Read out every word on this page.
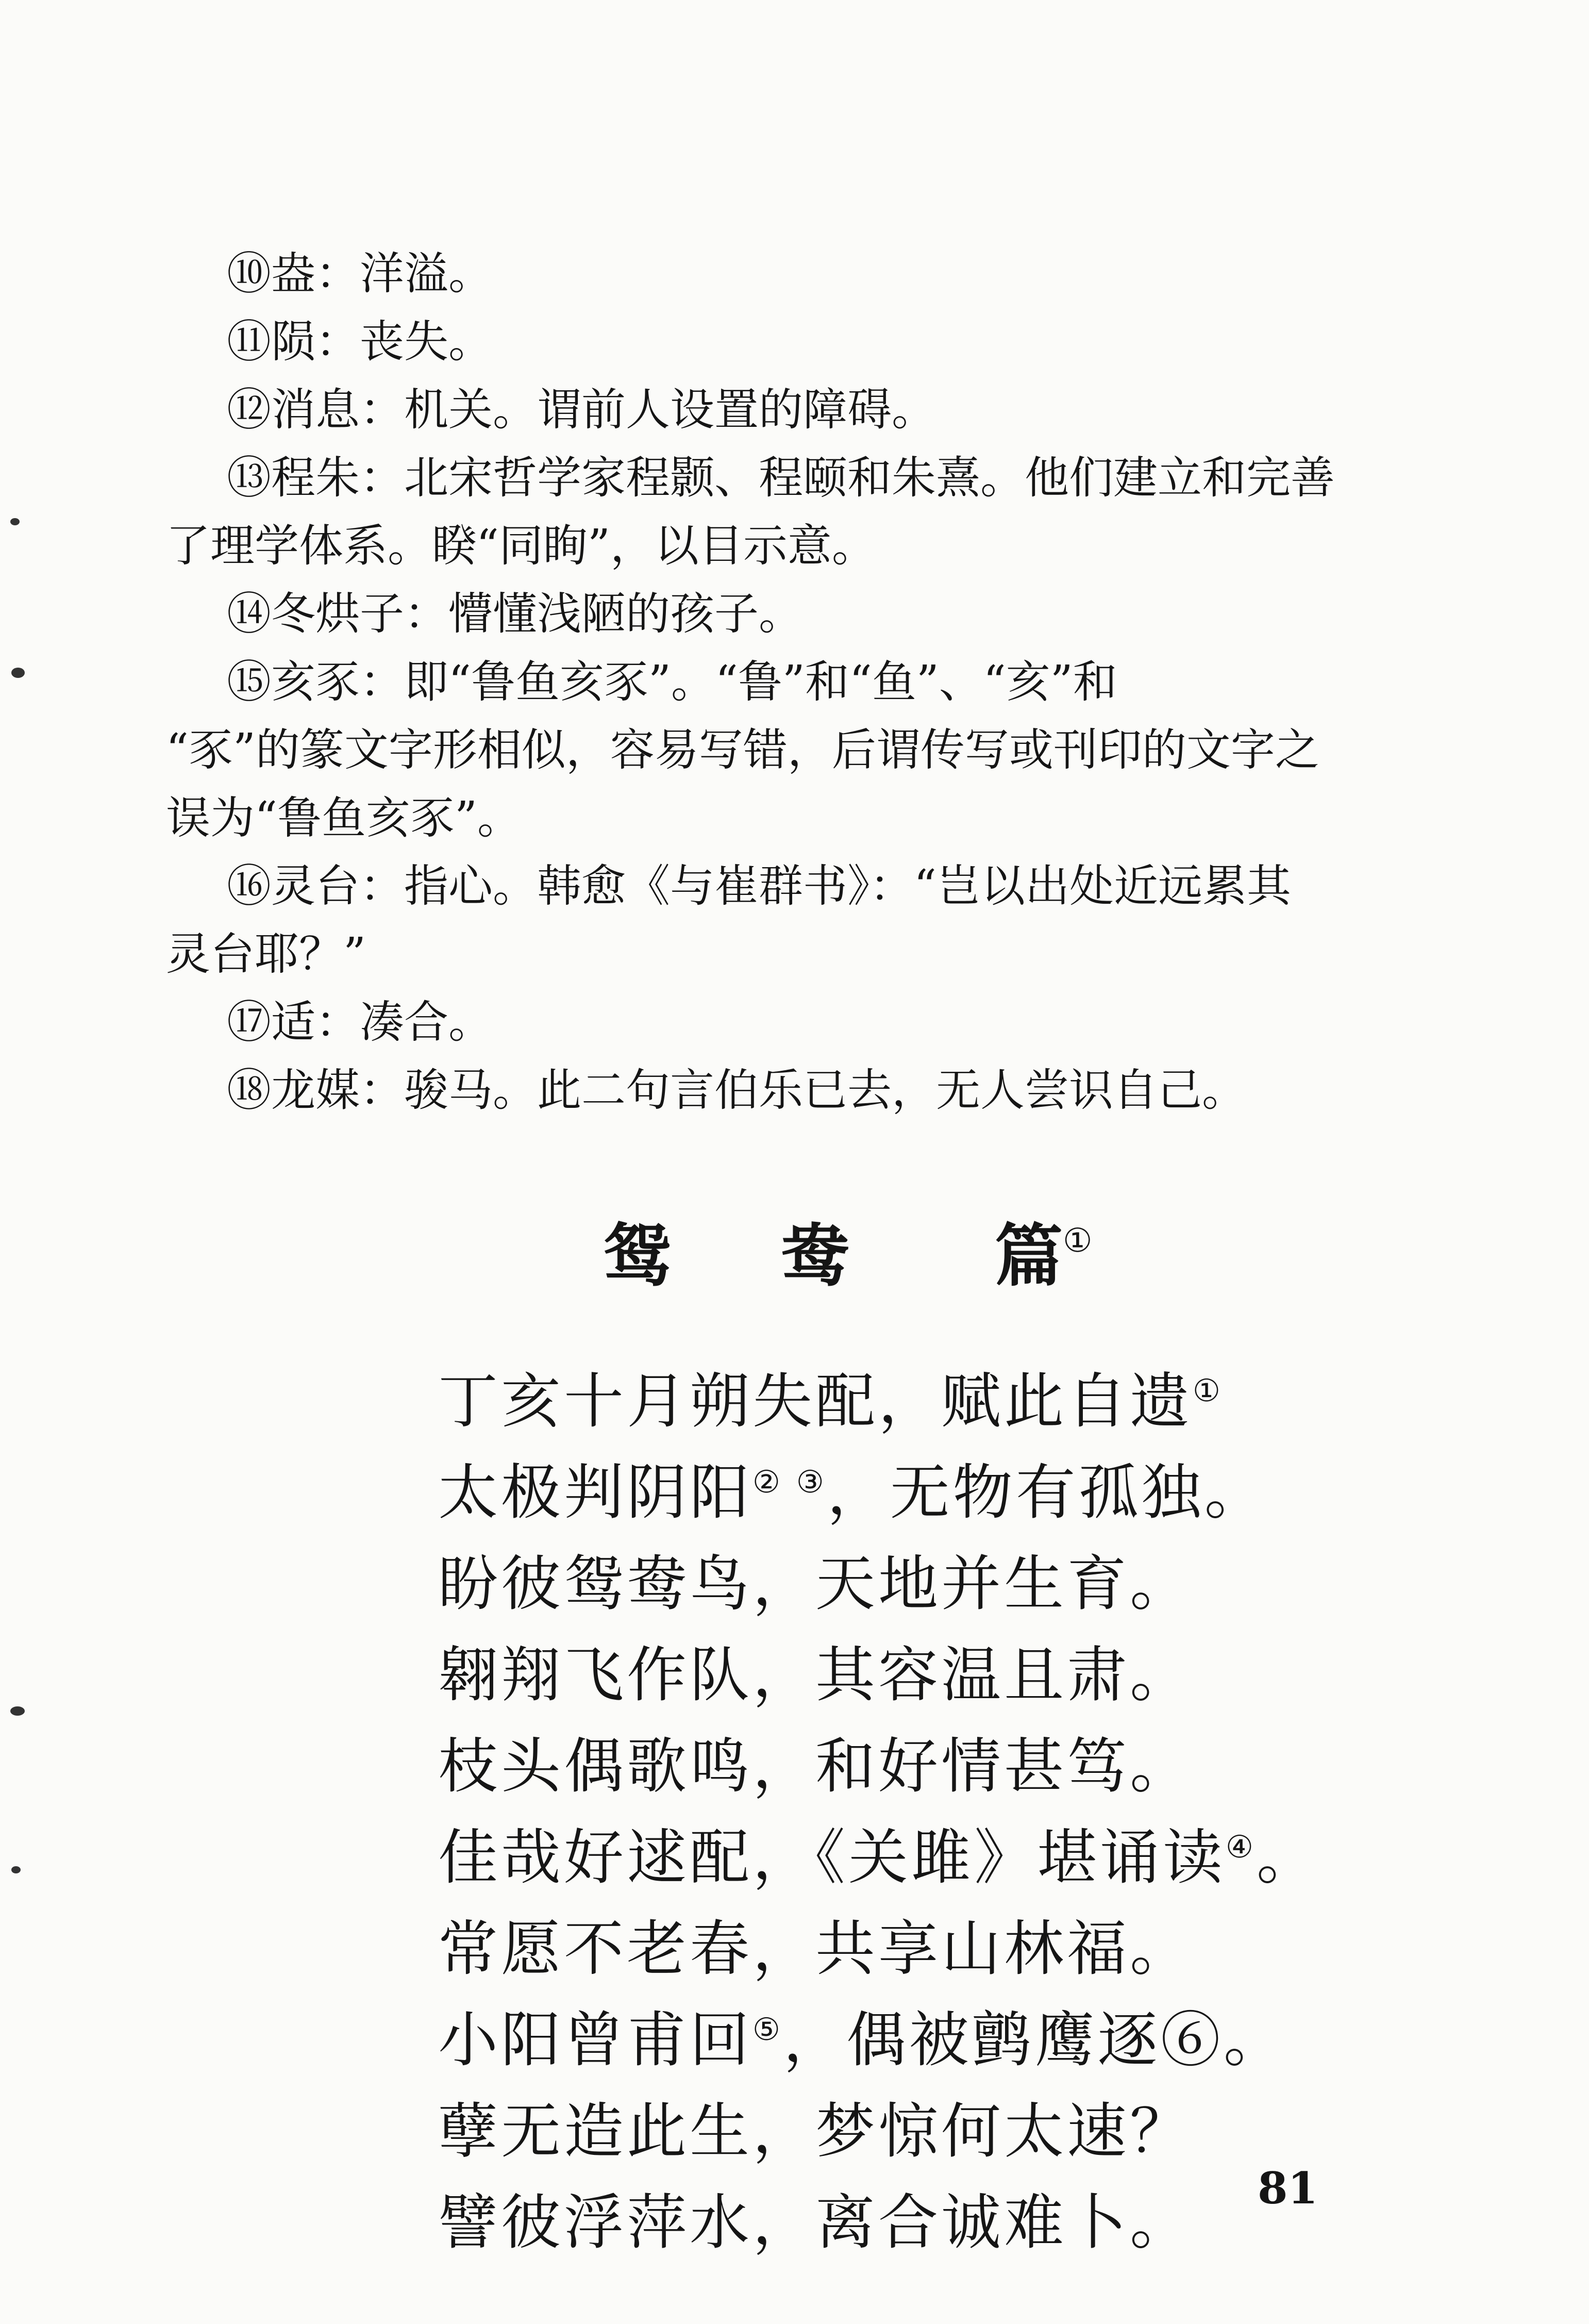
⑩盎：洋溢。
⑪陨：丧失。
⑫消息：机关。谓前人设置的障碍。
⑬程朱：北宋哲学家程颢、程颐和朱熹。他们建立和完善
了理学体系。睽“同眴”，以目示意。
⑭冬烘子：懵懂浅陋的孩子。
⑮亥豕：即“鲁鱼亥豕”。“鲁”和“鱼”、“亥”和
“豕”的篆文字形相似，容易写错，后谓传写或刊印的文字之
误为“鲁鱼亥豕”。
⑯灵台：指心。韩愈《与崔群书》：“岂以出处近远累其
灵台耶？”
⑰适：凑合。
⑱龙媒：骏马。此二句言伯乐已去，无人尝识自己。
鸳 鸯 篇①
丁亥十月朔失配，赋此自遗①
太极判阴阳② ③，无物有孤独。
盼彼鸳鸯鸟，天地并生育。
翱翔飞作队，其容温且肃。
枝头偶歌鸣，和好情甚笃。
佳哉好逑配，《关雎》堪诵读④。
常愿不老春，共享山林福。
小阳曾甫回⑤，偶被鹯鹰逐⑥。
孽无造此生，梦惊何太速？
譬彼浮萍水，离合诚难卜。	81
